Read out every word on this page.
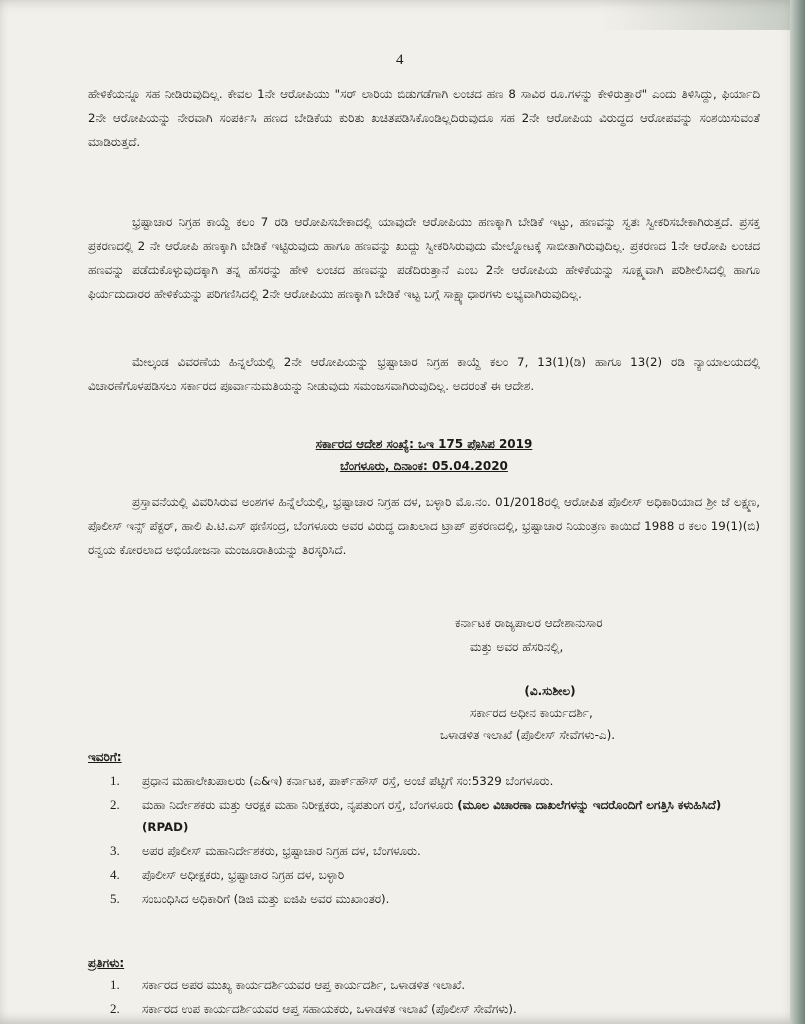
4

ಹೇಳಿಕೆಯನ್ನೂ ಸಹ ನೀಡಿರುವುದಿಲ್ಲ. ಕೇವಲ 1ನೇ ಆರೋಪಿಯು "ಸರ್ ಲಾರಿಯ ಬಿಡುಗಡೆಗಾಗಿ ಲಂಚದ ಹಣ 8 ಸಾವಿರ ರೂ.ಗಳನ್ನು ಕೇಳಿರುತ್ತಾರೆ" ಎಂದು ತಿಳಿಸಿದ್ದು, ಫಿರ್ಯಾದಿ 2ನೇ ಆರೋಪಿಯನ್ನು ನೇರವಾಗಿ ಸಂಪರ್ಕಿಸಿ ಹಣದ ಬೇಡಿಕೆಯ ಕುರಿತು ಖಚಿತಪಡಿಸಿಕೊಂಡಿಲ್ಲದಿರುವುದೂ ಸಹ 2ನೇ ಆರೋಪಿಯ ವಿರುದ್ಧದ ಆರೋಪವನ್ನು ಸಂಶಯಿಸುವಂತೆ ಮಾಡಿರುತ್ತದೆ.

ಭ್ರಷ್ಟಾಚಾರ ನಿಗ್ರಹ ಕಾಯ್ದೆ ಕಲಂ 7 ರಡಿ ಆರೋಪಿಸಬೇಕಾದಲ್ಲಿ ಯಾವುದೇ ಆರೋಪಿಯು ಹಣಕ್ಕಾಗಿ ಬೇಡಿಕೆ ಇಟ್ಟು, ಹಣವನ್ನು ಸ್ವತಃ ಸ್ವೀಕರಿಸಬೇಕಾಗಿರುತ್ತದೆ. ಪ್ರಸಕ್ತ ಪ್ರಕರಣದಲ್ಲಿ 2 ನೇ ಆರೋಪಿ ಹಣಕ್ಕಾಗಿ ಬೇಡಿಕೆ ಇಟ್ಟಿರುವುದು ಹಾಗೂ ಹಣವನ್ನು ಖುದ್ದು ಸ್ವೀಕರಿಸಿರುವುದು ಮೇಲ್ನೋಟಕ್ಕೆ ಸಾಬೀತಾಗಿರುವುದಿಲ್ಲ. ಪ್ರಕರಣದ 1ನೇ ಆರೋಪಿ ಲಂಚದ ಹಣವನ್ನು ಪಡೆದುಕೊಳ್ಳುವುದಕ್ಕಾಗಿ ತನ್ನ ಹೆಸರನ್ನು ಹೇಳಿ ಲಂಚದ ಹಣವನ್ನು ಪಡೆದಿರುತ್ತಾನೆ ಎಂಬ 2ನೇ ಆರೋಪಿಯ ಹೇಳಿಕೆಯನ್ನು ಸೂಕ್ಷ್ಮವಾಗಿ ಪರಿಶೀಲಿಸಿದಲ್ಲಿ ಹಾಗೂ ಫಿರ್ಯದುದಾರರ ಹೇಳಿಕೆಯನ್ನು ಪರಿಗಣಿಸಿದಲ್ಲಿ 2ನೇ ಆರೋಪಿಯು ಹಣಕ್ಕಾಗಿ ಬೇಡಿಕೆ ಇಟ್ಟ ಬಗ್ಗೆ ಸಾಕ್ಷ್ಯಾಧಾರಗಳು ಲಭ್ಯವಾಗಿರುವುದಿಲ್ಲ.

ಮೇಲ್ಕಂಡ ವಿವರಣೆಯ ಹಿನ್ನಲೆಯಲ್ಲಿ 2ನೇ ಆರೋಪಿಯನ್ನು ಭ್ರಷ್ಟಾಚಾರ ನಿಗ್ರಹ ಕಾಯ್ದೆ ಕಲಂ 7, 13(1)(ಡಿ) ಹಾಗೂ 13(2) ರಡಿ ನ್ಯಾಯಾಲಯದಲ್ಲಿ ವಿಚಾರಣೆಗೊಳಪಡಿಸಲು ಸರ್ಕಾರದ ಪೂರ್ವಾನುಮತಿಯನ್ನು ನೀಡುವುದು ಸಮಂಜಸವಾಗಿರುವುದಿಲ್ಲ. ಅದರಂತೆ ಈ ಆದೇಶ.

ಸರ್ಕಾರದ ಆದೇಶ ಸಂಖ್ಯೆ: ಒಇ 175 ಪೊಸಿಪ 2019
ಬೆಂಗಳೂರು, ದಿನಾಂಕ: 05.04.2020

ಪ್ರಸ್ತಾವನೆಯಲ್ಲಿ ವಿವರಿಸಿರುವ ಅಂಶಗಳ ಹಿನ್ನೆಲೆಯಲ್ಲಿ, ಭ್ರಷ್ಟಾಚಾರ ನಿಗ್ರಹ ದಳ, ಬಳ್ಳಾರಿ ಮೊ.ನಂ. 01/2018ರಲ್ಲಿ ಆರೋಪಿತ ಪೊಲೀಸ್ ಅಧಿಕಾರಿಯಾದ ಶ್ರೀ ಜೆ ಲಕ್ಷ್ಮಣ, ಪೊಲೀಸ್ ಇನ್ಸ್ ಪೆಕ್ಟರ್, ಹಾಲಿ ಪಿ.ಟಿ.ಎಸ್ ಥಣಿಸಂದ್ರ, ಬೆಂಗಳೂರು ಅವರ ವಿರುದ್ಧ ದಾಖಲಾದ ಟ್ರಾಪ್ ಪ್ರಕರಣದಲ್ಲಿ, ಭ್ರಷ್ಟಾಚಾರ ನಿಯಂತ್ರಣ ಕಾಯಿದೆ 1988 ರ ಕಲಂ 19(1)(ಬಿ) ರನ್ವಯ ಕೋರಲಾದ ಅಭಿಯೋಜನಾ ಮಂಜೂರಾತಿಯನ್ನು ತಿರಸ್ಕರಿಸಿದೆ.

ಕರ್ನಾಟಕ ರಾಜ್ಯಪಾಲರ ಆದೇಶಾನುಸಾರ
ಮತ್ತು ಅವರ ಹೆಸರಿನಲ್ಲಿ,
(ವಿ.ಸುಶೀಲ)
ಸರ್ಕಾರದ ಅಧೀನ ಕಾರ್ಯದರ್ಶಿ,
ಒಳಾಡಳಿತ ಇಲಾಖೆ (ಪೊಲೀಸ್ ಸೇವೆಗಳು-ಎ).
ಇವರಿಗೆ:
1. ಪ್ರಧಾನ ಮಹಾಲೇಖಪಾಲರು (ಎ&ಇ) ಕರ್ನಾಟಕ, ಪಾರ್ಕ್‌ಹೌಸ್ ರಸ್ತೆ, ಅಂಚೆ ಪೆಟ್ಟಿಗೆ ಸಂ:5329 ಬೆಂಗಳೂರು.
2. ಮಹಾ ನಿರ್ದೇಶಕರು ಮತ್ತು ಆರಕ್ಷಕ ಮಹಾ ನಿರೀಕ್ಷಕರು, ನೃಪತುಂಗ ರಸ್ತೆ, ಬೆಂಗಳೂರು (ಮೂಲ ವಿಚಾರಣಾ ದಾಖಲೆಗಳನ್ನು ಇದರೊಂದಿಗೆ ಲಗತ್ತಿಸಿ ಕಳುಹಿಸಿದೆ) (RPAD)
3. ಅಪರ ಪೊಲೀಸ್ ಮಹಾನಿರ್ದೇಶಕರು, ಭ್ರಷ್ಟಾಚಾರ ನಿಗ್ರಹ ದಳ, ಬೆಂಗಳೂರು.
4. ಪೊಲೀಸ್ ಅಧೀಕ್ಷಕರು, ಭ್ರಷ್ಟಾಚಾರ ನಿಗ್ರಹ ದಳ, ಬಳ್ಳಾರಿ
5. ಸಂಬಂಧಿಸಿದ ಅಧಿಕಾರಿಗೆ (ಡಿಜಿ ಮತ್ತು ಐಜಿಪಿ ಅವರ ಮುಖಾಂತರ).
ಪ್ರತಿಗಳು:
1. ಸರ್ಕಾರದ ಅಪರ ಮುಖ್ಯ ಕಾರ್ಯದರ್ಶಿಯವರ ಆಪ್ತ ಕಾರ್ಯದರ್ಶಿ, ಒಳಾಡಳಿತ ಇಲಾಖೆ.
2. ಸರ್ಕಾರದ ಉಪ ಕಾರ್ಯದರ್ಶಿಯವರ ಆಪ್ತ ಸಹಾಯಕರು, ಒಳಾಡಳಿತ ಇಲಾಖೆ (ಪೊಲೀಸ್ ಸೇವೆಗಳು).
